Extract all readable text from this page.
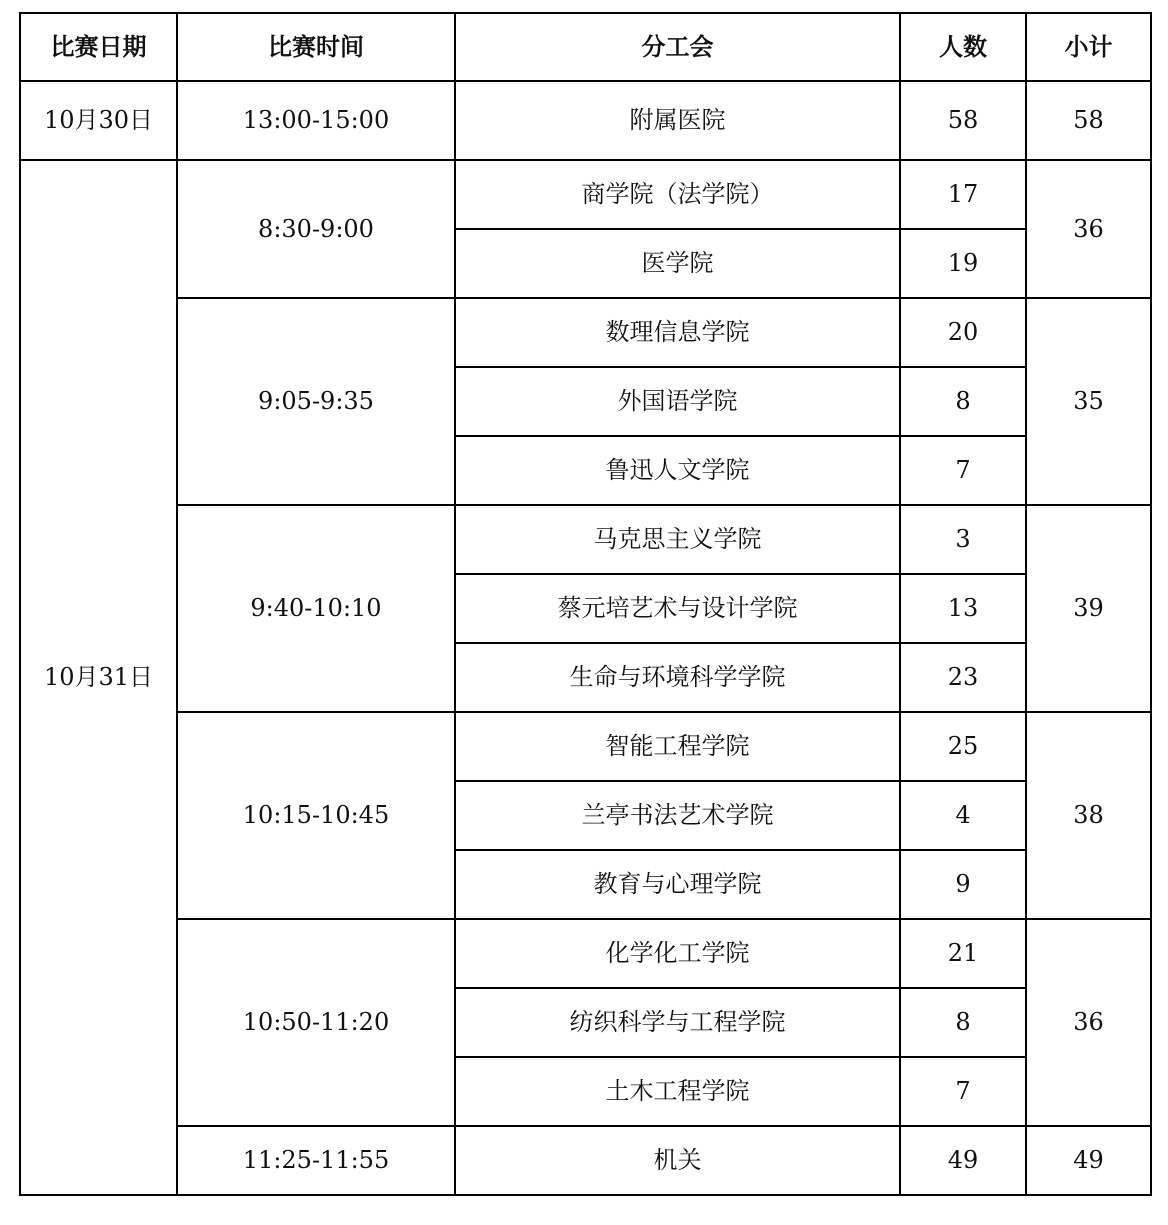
比赛日期	比赛时间	分工会	人数	小计
10月30日	13:00-15:00	附属医院	58	58
10月31日	8:30-9:00	商学院（法学院）	17	36
		医学院	19	
	9:05-9:35	数理信息学院	20	35
		外国语学院	8	
		鲁迅人文学院	7	
	9:40-10:10	马克思主义学院	3	39
		蔡元培艺术与设计学院	13	
		生命与环境科学学院	23	
	10:15-10:45	智能工程学院	25	38
		兰亭书法艺术学院	4	
		教育与心理学院	9	
	10:50-11:20	化学化工学院	21	36
		纺织科学与工程学院	8	
		土木工程学院	7	
	11:25-11:55	机关	49	49
